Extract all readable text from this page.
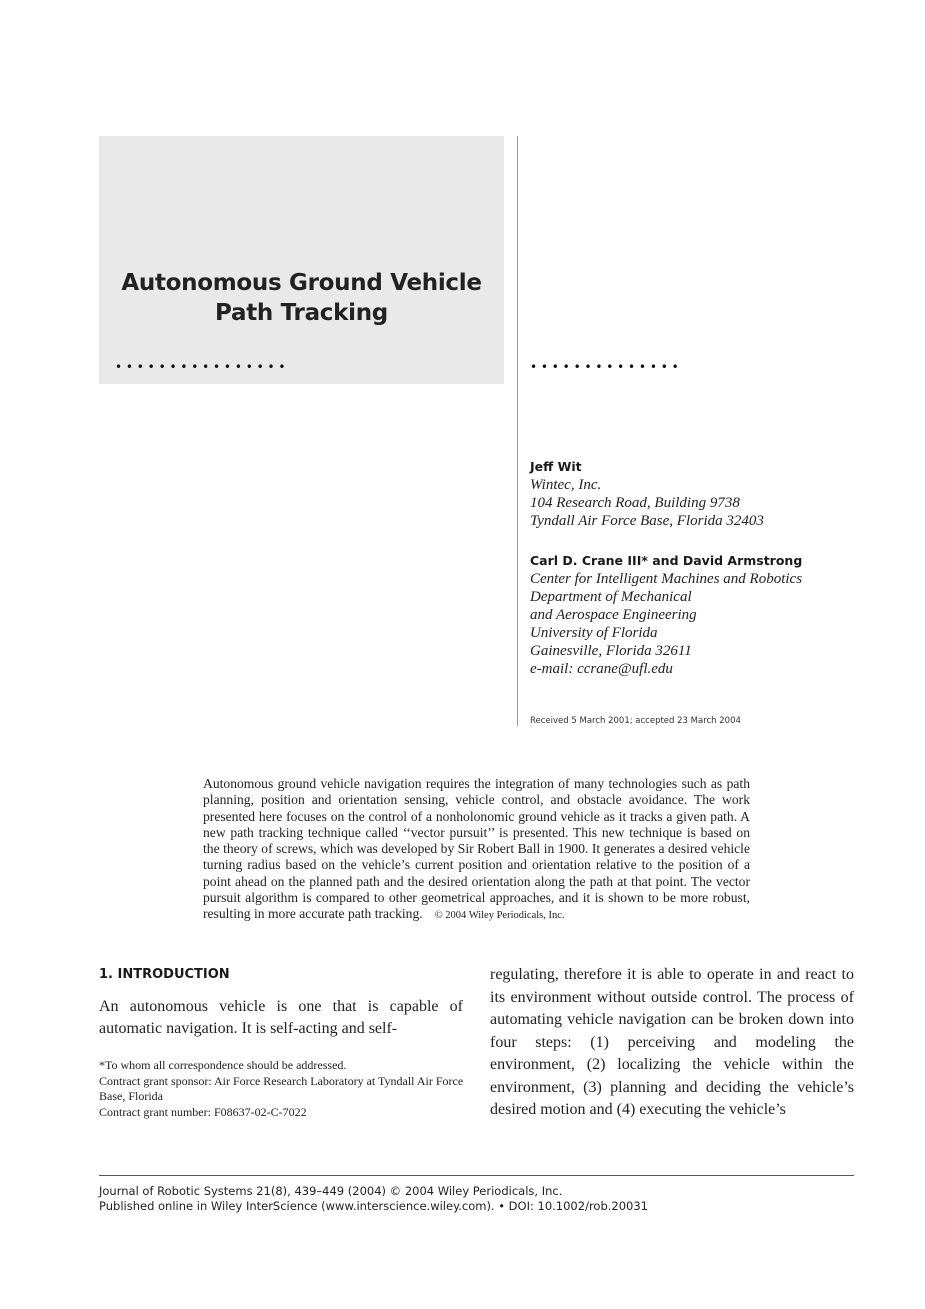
Autonomous Ground Vehicle
Path Tracking
• • • • • • • • • • • • • • • •	• • • • • • • • • • • • • •
Jeff Wit
Wintec, Inc.
104 Research Road, Building 9738
Tyndall Air Force Base, Florida 32403
Carl D. Crane III* and David Armstrong
Center for Intelligent Machines and Robotics
Department of Mechanical
and Aerospace Engineering
University of Florida
Gainesville, Florida 32611
e-mail: ccrane@ufl.edu
Received 5 March 2001; accepted 23 March 2004
Autonomous ground vehicle navigation requires the integration of many technologies such as path planning, position and orientation sensing, vehicle control, and obstacle avoidance. The work presented here focuses on the control of a nonholonomic ground vehicle as it tracks a given path. A new path tracking technique called ‘‘vector pursuit’’ is presented. This new technique is based on the theory of screws, which was developed by Sir Robert Ball in 1900. It generates a desired vehicle turning radius based on the vehicle’s current position and orientation relative to the position of a point ahead on the planned path and the desired orientation along the path at that point. The vector pursuit algorithm is compared to other geometrical approaches, and it is shown to be more robust, resulting in more accurate path tracking. © 2004 Wiley Periodicals, Inc.
1. INTRODUCTION
An autonomous vehicle is one that is capable of automatic navigation. It is self-acting and self-
*To whom all correspondence should be addressed.
Contract grant sponsor: Air Force Research Laboratory at Tyndall Air Force Base, Florida
Contract grant number: F08637-02-C-7022
regulating, therefore it is able to operate in and react to its environment without outside control. The process of automating vehicle navigation can be broken down into four steps: (1) perceiving and modeling the environment, (2) localizing the vehicle within the environment, (3) planning and deciding the vehicle’s desired motion and (4) executing the vehicle’s
Journal of Robotic Systems 21(8), 439–449 (2004) © 2004 Wiley Periodicals, Inc.
Published online in Wiley InterScience (www.interscience.wiley.com). • DOI: 10.1002/rob.20031
